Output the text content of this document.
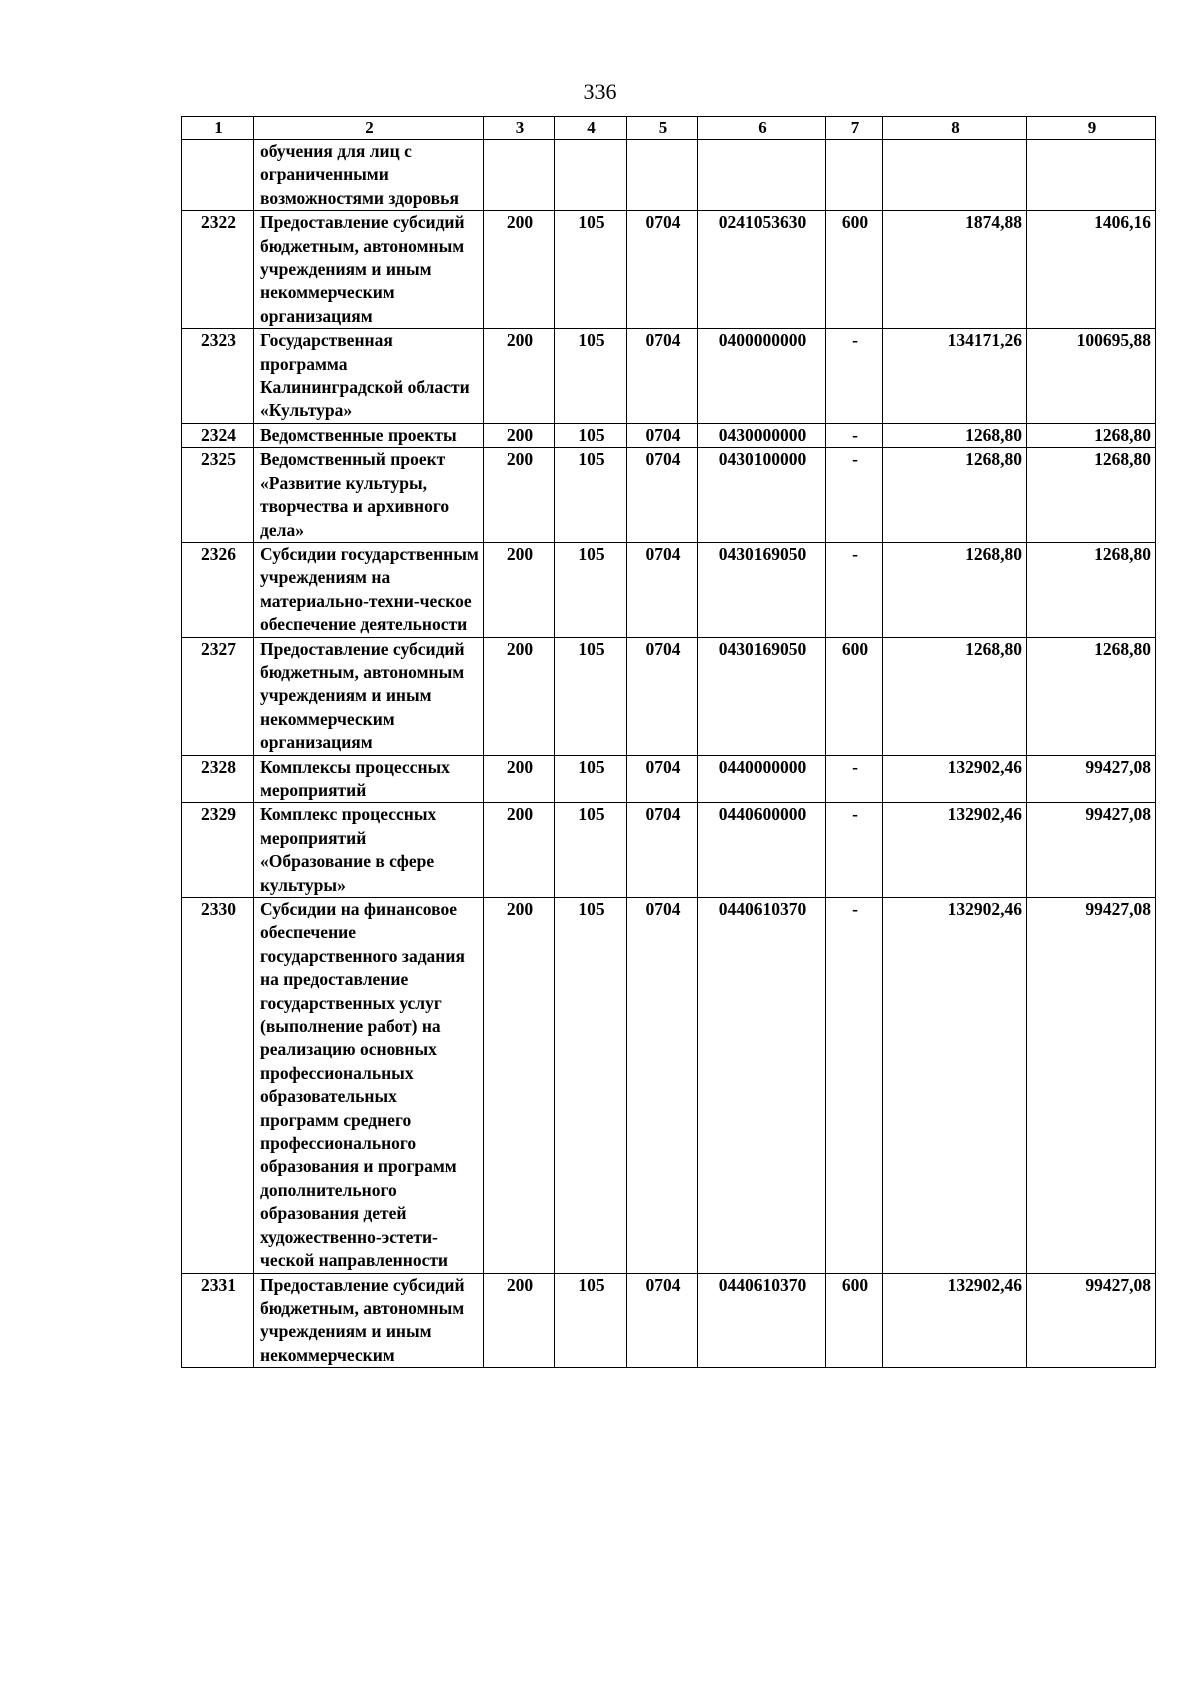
336
1	2	3	4	5	6	7	8	9
	обучения для лиц с ограниченными возможностями здоровья							
2322	Предоставление субсидий бюджетным, автономным учреждениям и иным некоммерческим организациям	200	105	0704	0241053630	600	1874,88	1406,16
2323	Государственная программа Калининградской области «Культура»	200	105	0704	0400000000	-	134171,26	100695,88
2324	Ведомственные проекты	200	105	0704	0430000000	-	1268,80	1268,80
2325	Ведомственный проект «Развитие культуры, творчества и архивного дела»	200	105	0704	0430100000	-	1268,80	1268,80
2326	Субсидии государственным учреждениям на материально-техни-ческое обеспечение деятельности	200	105	0704	0430169050	-	1268,80	1268,80
2327	Предоставление субсидий бюджетным, автономным учреждениям и иным некоммерческим организациям	200	105	0704	0430169050	600	1268,80	1268,80
2328	Комплексы процессных мероприятий	200	105	0704	0440000000	-	132902,46	99427,08
2329	Комплекс процессных мероприятий «Образование в сфере культуры»	200	105	0704	0440600000	-	132902,46	99427,08
2330	Субсидии на финансовое обеспечение государственного задания на предоставление государственных услуг (выполнение работ) на реализацию основных профессиональных образовательных программ среднего профессионального образования и программ дополнительного образования детей художественно-эстети-ческой направленности	200	105	0704	0440610370	-	132902,46	99427,08
2331	Предоставление субсидий бюджетным, автономным учреждениям и иным некоммерческим	200	105	0704	0440610370	600	132902,46	99427,08
